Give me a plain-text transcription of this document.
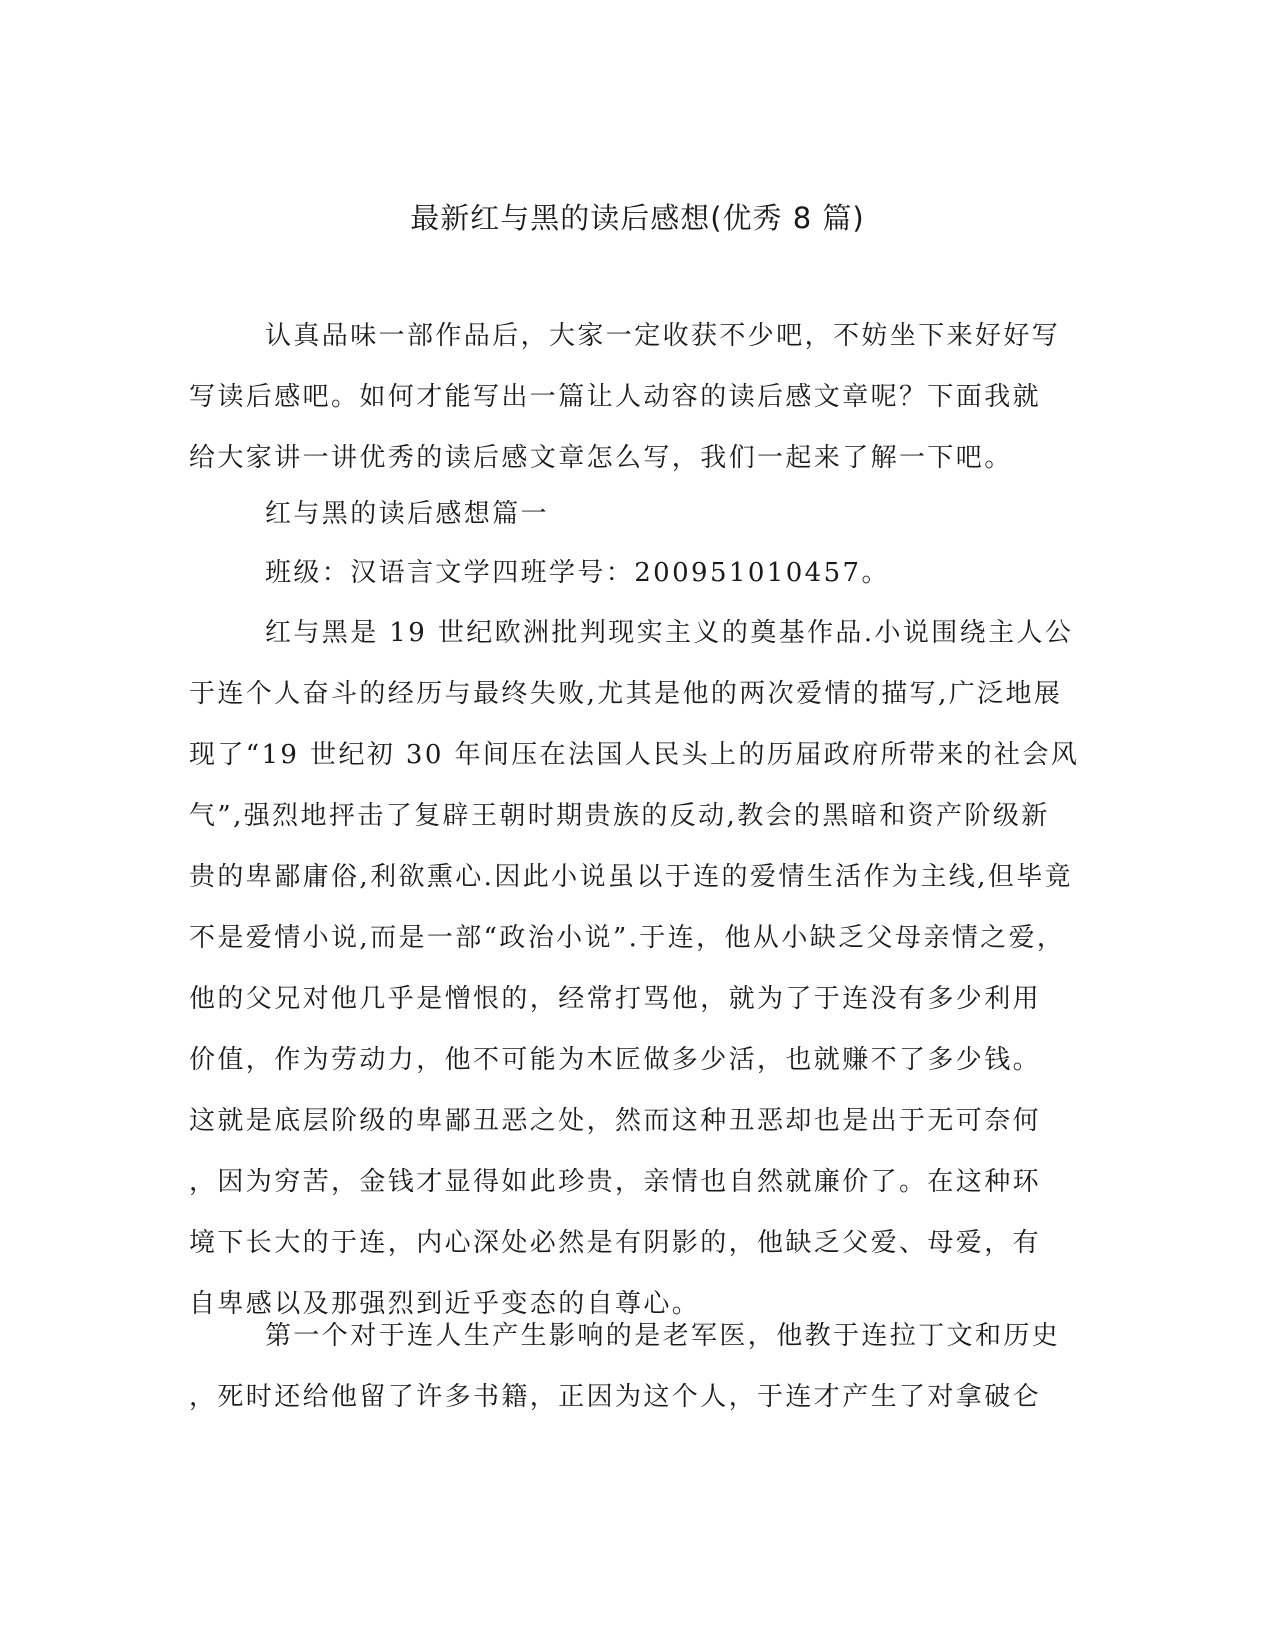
最新红与黑的读后感想(优秀 8 篇)
认真品味一部作品后，大家一定收获不少吧，不妨坐下来好好写
写读后感吧。如何才能写出一篇让人动容的读后感文章呢？下面我就
给大家讲一讲优秀的读后感文章怎么写，我们一起来了解一下吧。
红与黑的读后感想篇一
班级：汉语言文学四班学号：200951010457。
红与黑是 19 世纪欧洲批判现实主义的奠基作品.小说围绕主人公
于连个人奋斗的经历与最终失败,尤其是他的两次爱情的描写,广泛地展
现了“19 世纪初 30 年间压在法国人民头上的历届政府所带来的社会风
气”,强烈地抨击了复辟王朝时期贵族的反动,教会的黑暗和资产阶级新
贵的卑鄙庸俗,利欲熏心.因此小说虽以于连的爱情生活作为主线,但毕竟
不是爱情小说,而是一部“政治小说”.于连，他从小缺乏父母亲情之爱，
他的父兄对他几乎是憎恨的，经常打骂他，就为了于连没有多少利用
价值，作为劳动力，他不可能为木匠做多少活，也就赚不了多少钱。
这就是底层阶级的卑鄙丑恶之处，然而这种丑恶却也是出于无可奈何
，因为穷苦，金钱才显得如此珍贵，亲情也自然就廉价了。在这种环
境下长大的于连，内心深处必然是有阴影的，他缺乏父爱、母爱，有
自卑感以及那强烈到近乎变态的自尊心。
第一个对于连人生产生影响的是老军医，他教于连拉丁文和历史
，死时还给他留了许多书籍，正因为这个人，于连才产生了对拿破仑
